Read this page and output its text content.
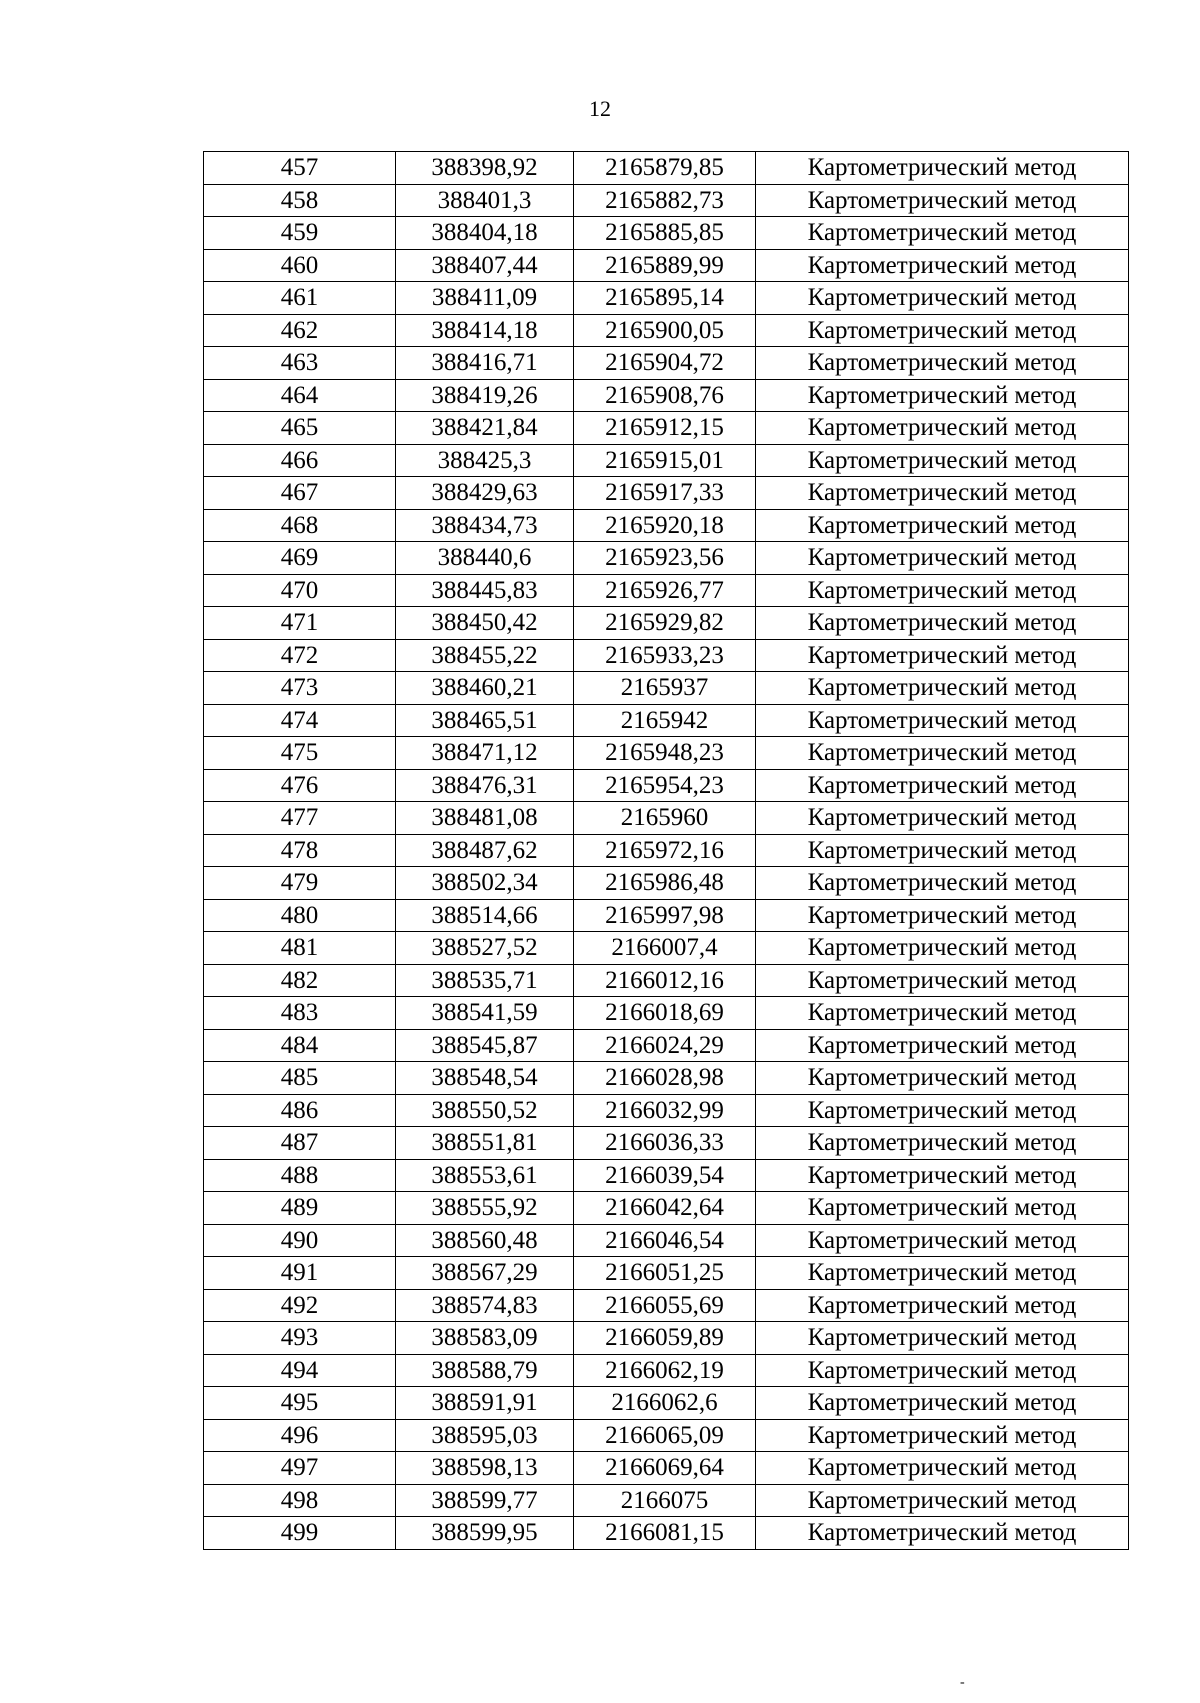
12
457	388398,92	2165879,85	Картометрический метод
458	388401,3	2165882,73	Картометрический метод
459	388404,18	2165885,85	Картометрический метод
460	388407,44	2165889,99	Картометрический метод
461	388411,09	2165895,14	Картометрический метод
462	388414,18	2165900,05	Картометрический метод
463	388416,71	2165904,72	Картометрический метод
464	388419,26	2165908,76	Картометрический метод
465	388421,84	2165912,15	Картометрический метод
466	388425,3	2165915,01	Картометрический метод
467	388429,63	2165917,33	Картометрический метод
468	388434,73	2165920,18	Картометрический метод
469	388440,6	2165923,56	Картометрический метод
470	388445,83	2165926,77	Картометрический метод
471	388450,42	2165929,82	Картометрический метод
472	388455,22	2165933,23	Картометрический метод
473	388460,21	2165937	Картометрический метод
474	388465,51	2165942	Картометрический метод
475	388471,12	2165948,23	Картометрический метод
476	388476,31	2165954,23	Картометрический метод
477	388481,08	2165960	Картометрический метод
478	388487,62	2165972,16	Картометрический метод
479	388502,34	2165986,48	Картометрический метод
480	388514,66	2165997,98	Картометрический метод
481	388527,52	2166007,4	Картометрический метод
482	388535,71	2166012,16	Картометрический метод
483	388541,59	2166018,69	Картометрический метод
484	388545,87	2166024,29	Картометрический метод
485	388548,54	2166028,98	Картометрический метод
486	388550,52	2166032,99	Картометрический метод
487	388551,81	2166036,33	Картометрический метод
488	388553,61	2166039,54	Картометрический метод
489	388555,92	2166042,64	Картометрический метод
490	388560,48	2166046,54	Картометрический метод
491	388567,29	2166051,25	Картометрический метод
492	388574,83	2166055,69	Картометрический метод
493	388583,09	2166059,89	Картометрический метод
494	388588,79	2166062,19	Картометрический метод
495	388591,91	2166062,6	Картометрический метод
496	388595,03	2166065,09	Картометрический метод
497	388598,13	2166069,64	Картометрический метод
498	388599,77	2166075	Картометрический метод
499	388599,95	2166081,15	Картометрический метод
-
